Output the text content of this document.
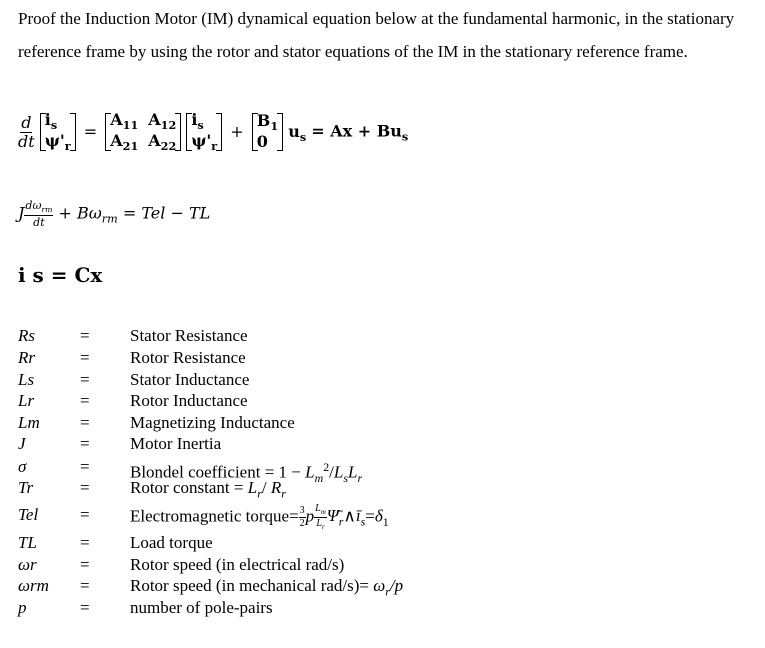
Proof the Induction Motor (IM) dynamical equation below at the fundamental harmonic, in the stationary reference frame by using the rotor and stator equations of the IM in the stationary reference frame.

$\frac{d}{dt}$
$i_s$
$\psi'_r$
=
$A_{11}$ $A_{12}$
$A_{21}$ $A_{22}$

$i_s$
$\psi'_r$
+
$B_1$
0
$u_s = Ax + Bu_s$
J $\frac{d\omega_{rm}}{dt} + B\omega_{rm}$ = Tel − TL
i s = Cx
Rs	= Stator Resistance
Rr	= Rotor Resistance
Ls	= Stator Inductance
Lr	= Rotor Inductance
Lm = Magnetizing Inductance
J	= Motor Inertia
σ	= Blondel coefficient = $1 - L_m^2/L_sL_r$
Tr	= Rotor constant = $L_r/$ $R_r$
Tel = Electromagnetic torque= $\frac{3}{2}$ p $\frac{L_m}{L_r}$ $\Psī_r\wedge ī_s=\delta_1$
TL	= Load torque
ωr	= Rotor speed (in electrical rad/s)
ωrm = Rotor speed (in mechanical $rad/s)= \omega_r/p$
p	= number of pole-pairs
